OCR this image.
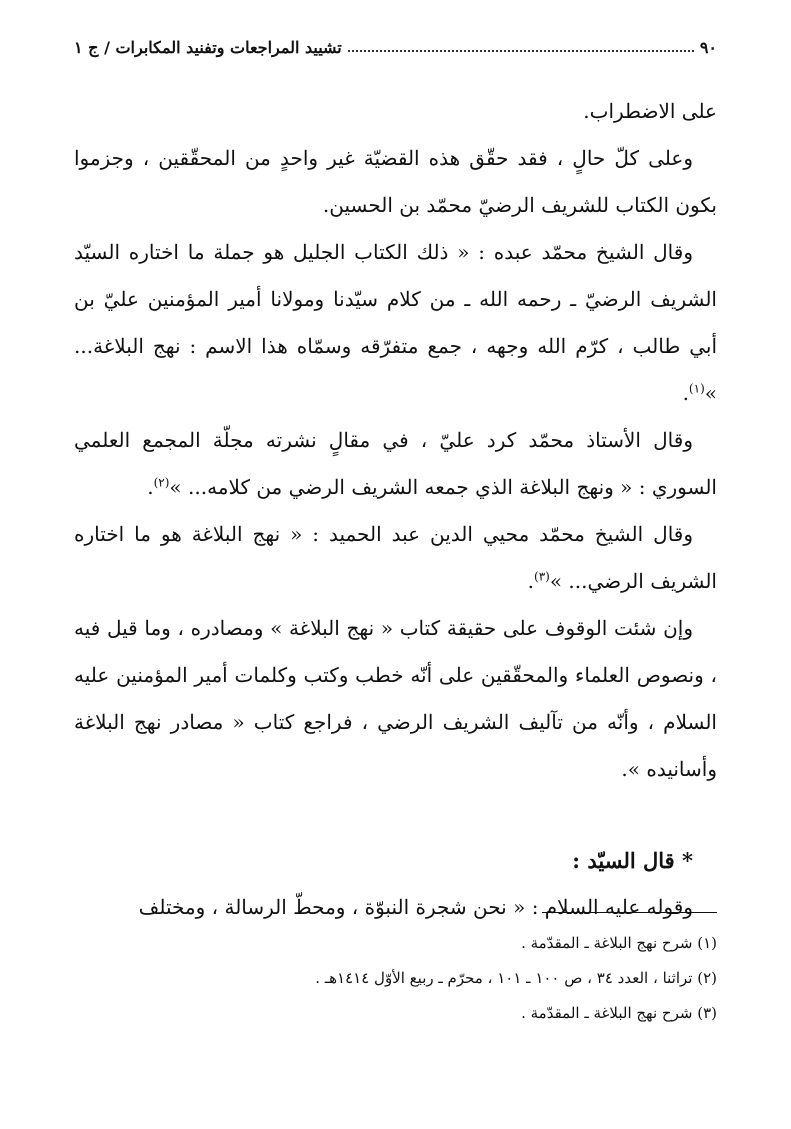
٩٠
تشييد المراجعات وتفنيد المكابرات / ج ١

على الاضطراب.

وعلى كلّ حالٍ ، فقد حقّق هذه القضيّة غير واحدٍ من المحقّقين ، وجزموا بكون الكتاب للشريف الرضيّ محمّد بن الحسين.

وقال الشيخ محمّد عبده : « ذلك الكتاب الجليل هو جملة ما اختاره السيّد الشريف الرضيّ ـ رحمه الله ـ من كلام سيّدنا ومولانا أمير المؤمنين عليّ بن أبي طالب ، كرّم الله وجهه ، جمع متفرّقه وسمّاه هذا الاسم : نهج البلاغة... »$^{(١)}$.

وقال الأستاذ محمّد كرد عليّ ، في مقالٍ نشرته مجلّة المجمع العلمي السوري : « ونهج البلاغة الذي جمعه الشريف الرضي من كلامه... »$^{(٢)}$.

وقال الشيخ محمّد محيي الدين عبد الحميد : « نهج البلاغة هو ما اختاره الشريف الرضي... »$^{(٣)}$.

وإن شئت الوقوف على حقيقة كتاب « نهج البلاغة » ومصادره ، وما قيل فيه ، ونصوص العلماء والمحقّقين على أنّه خطب وكتب وكلمات أمير المؤمنين عليه السلام ، وأنّه من تآليف الشريف الرضي ، فراجع كتاب « مصادر نهج البلاغة وأسانيده ».

* قال السيّد :

وقوله عليه السلام : « نحن شجرة النبوّة ، ومحطّ الرسالة ، ومختلف

(١) شرح نهج البلاغة ـ المقدّمة .

(٢) تراثنا ، العدد ٣٤ ، ص ١٠٠ ـ ١٠١ ، محرّم ـ ربيع الأوّل ١٤١٤هـ .

(٣) شرح نهج البلاغة ـ المقدّمة .
